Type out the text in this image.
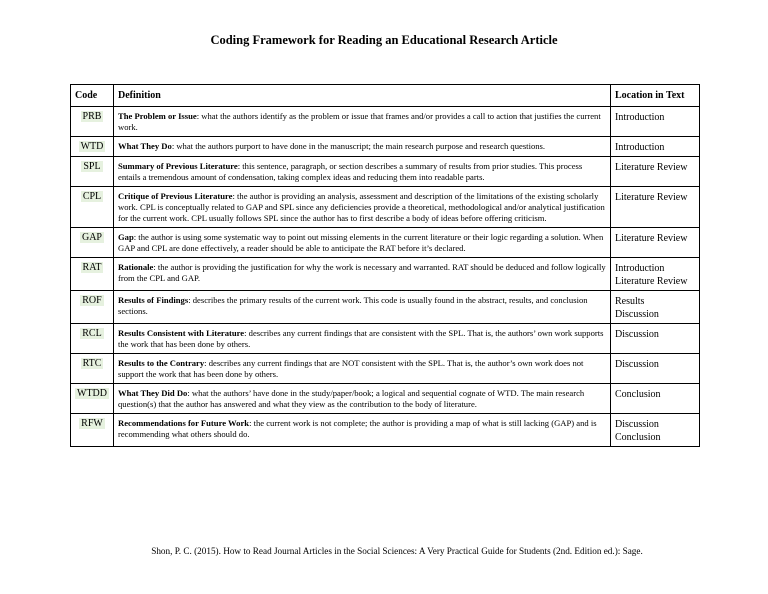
Coding Framework for Reading an Educational Research Article
Code	Definition	Location in Text
PRB	The Problem or Issue: what the authors identify as the problem or issue that frames and/or provides a call to action that justifies the current work.	Introduction

WTD	What They Do: what the authors purport to have done in the manuscript; the main research purpose and research questions.	Introduction

SPL	Summary of Previous Literature: this sentence, paragraph, or section describes a summary of results from prior studies. This process entails a tremendous amount of condensation, taking complex ideas and reducing them into readable parts.	Literature Review

CPL	Critique of Previous Literature: the author is providing an analysis, assessment and description of the limitations of the existing scholarly work. CPL is conceptually related to GAP and SPL since any deficiencies provide a theoretical, methodological and/or analytical justification for the current work. CPL usually follows SPL since the author has to first describe a body of ideas before offering criticism.	Literature Review

GAP	Gap: the author is using some systematic way to point out missing elements in the current literature or their logic regarding a solution. When GAP and CPL are done effectively, a reader should be able to anticipate the RAT before it’s declared.	Literature Review

RAT	Rationale: the author is providing the justification for why the work is necessary and warranted. RAT should be deduced and follow logically from the CPL and GAP.	Introduction
Literature Review

ROF	Results of Findings: describes the primary results of the current work. This code is usually found in the abstract, results, and conclusion sections.	Results
Discussion

RCL	Results Consistent with Literature: describes any current findings that are consistent with the SPL. That is, the authors’ own work supports the work that has been done by others.	Discussion

RTC	Results to the Contrary: describes any current findings that are NOT consistent with the SPL. That is, the author’s own work does not support the work that has been done by others.	Discussion

WTDD	What They Did Do: what the authors’ have done in the study/paper/book; a logical and sequential cognate of WTD. The main research question(s) that the author has answered and what they view as the contribution to the body of literature.	Conclusion

RFW	Recommendations for Future Work: the current work is not complete; the author is providing a map of what is still lacking (GAP) and is recommending what others should do.	Discussion
Conclusion
Shon, P. C. (2015). How to Read Journal Articles in the Social Sciences: A Very Practical Guide for Students (2nd. Edition ed.): Sage.
